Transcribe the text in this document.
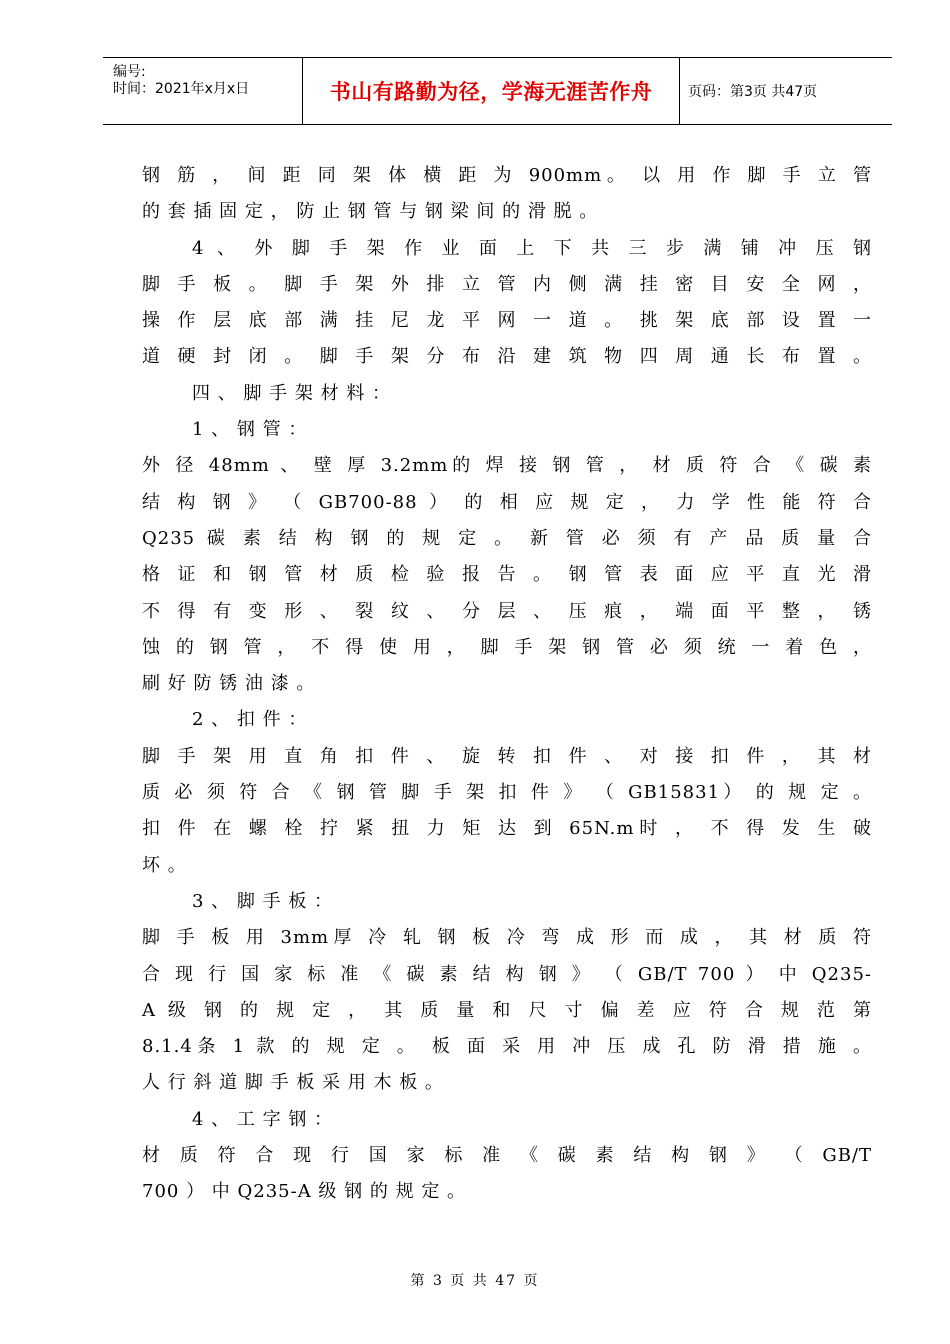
编号:
时间：2021年x月x日	书山有路勤为径，学海无涯苦作舟	页码：第3页 共47页
钢 筋 ， 间 距 同 架 体 横 距 为 900mm。 以 用 作 脚 手 立 管
的 套 插 固 定 ， 防 止 钢 管 与 钢 梁 间 的 滑 脱 。
4 、 外 脚 手 架 作 业 面 上 下 共 三 步 满 铺 冲 压 钢
脚 手 板 。 脚 手 架 外 排 立 管 内 侧 满 挂 密 目 安 全 网 ，
操 作 层 底 部 满 挂 尼 龙 平 网 一 道 。 挑 架 底 部 设 置 一
道 硬 封 闭 。 脚 手 架 分 布 沿 建 筑 物 四 周 通 长 布 置 。
四 、 脚 手 架 材 料 ：
1 、 钢 管 ：
外 径 48mm 、 壁 厚 3.2mm的 焊 接 钢 管 ， 材 质 符 合 《 碳 素
结 构 钢 》 （ GB700-88 ） 的 相 应 规 定 ， 力 学 性 能 符 合
Q235 碳 素 结 构 钢 的 规 定 。 新 管 必 须 有 产 品 质 量 合
格 证 和 钢 管 材 质 检 验 报 告 。 钢 管 表 面 应 平 直 光 滑
不 得 有 变 形 、 裂 纹 、 分 层 、 压 痕 ， 端 面 平 整 ， 锈
蚀 的 钢 管 ， 不 得 使 用 ， 脚 手 架 钢 管 必 须 统 一 着 色 ，
刷 好 防 锈 油 漆 。
2 、 扣 件 ：
脚 手 架 用 直 角 扣 件 、 旋 转 扣 件 、 对 接 扣 件 ， 其 材
质 必 须 符 合 《 钢 管 脚 手 架 扣 件 》 （ GB15831） 的 规 定 。
扣 件 在 螺 栓 拧 紧 扭 力 矩 达 到 65N.m时 ， 不 得 发 生 破
坏 。
3 、 脚 手 板 ：
脚 手 板 用 3mm厚 冷 轧 钢 板 冷 弯 成 形 而 成 ， 其 材 质 符
合 现 行 国 家 标 准 《 碳 素 结 构 钢 》 （ GB/T 700 ） 中 Q235-
A 级 钢 的 规 定 ， 其 质 量 和 尺 寸 偏 差 应 符 合 规 范 第
8.1.4条 1 款 的 规 定 。 板 面 采 用 冲 压 成 孔 防 滑 措 施 。
人 行 斜 道 脚 手 板 采 用 木 板 。
4 、 工 字 钢 ：
材 质 符 合 现 行 国 家 标 准 《 碳 素 结 构 钢 》 （ GB/T
700 ） 中 Q235-A 级 钢 的 规 定 。
第 3 页 共 47 页
